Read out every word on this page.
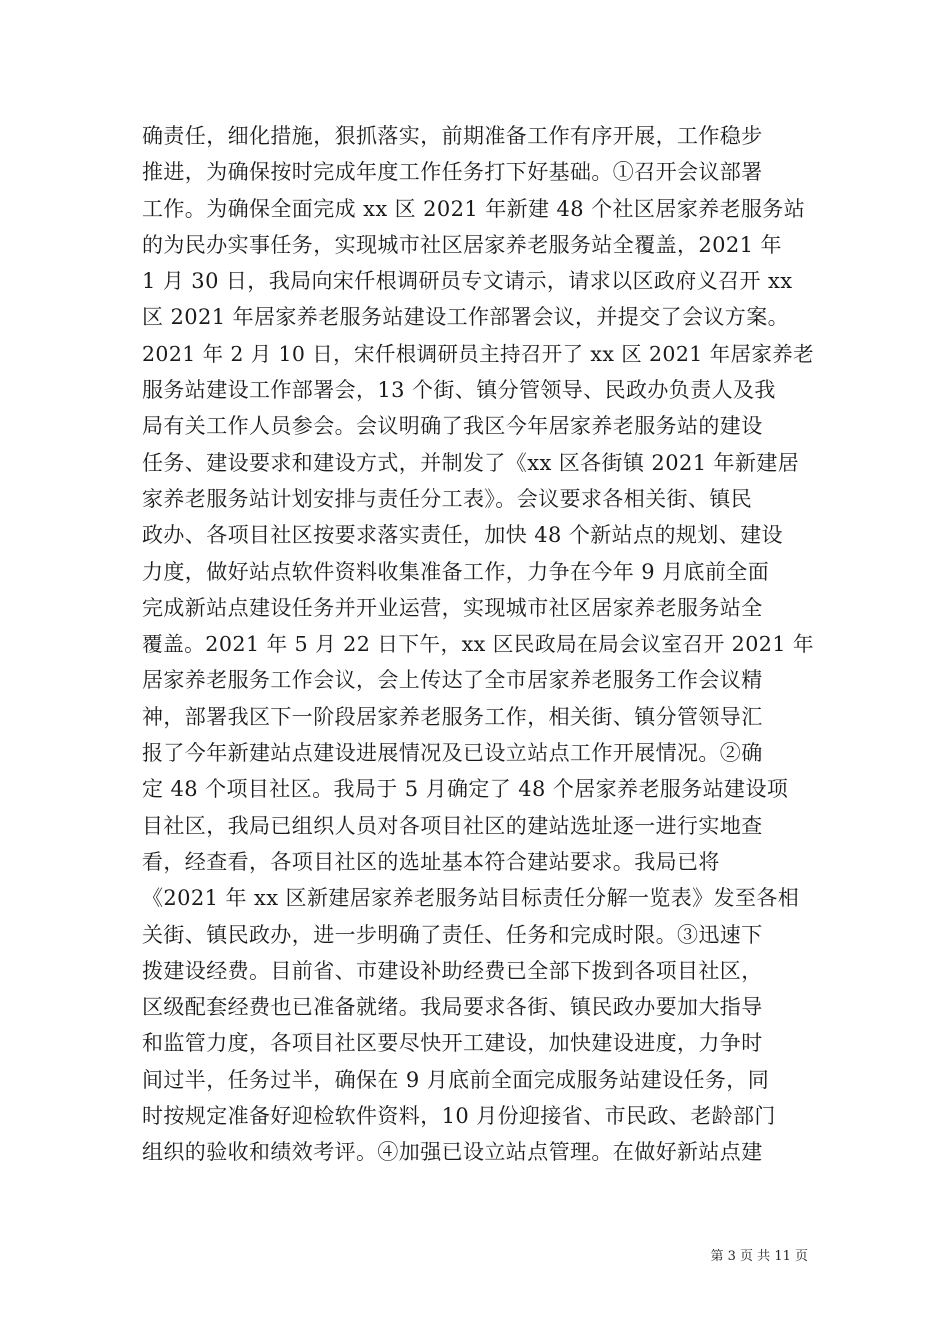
确责任，细化措施，狠抓落实，前期准备工作有序开展，工作稳步
推进，为确保按时完成年度工作任务打下好基础。①召开会议部署
工作。为确保全面完成 xx 区 2021 年新建 48 个社区居家养老服务站
的为民办实事任务，实现城市社区居家养老服务站全覆盖，2021 年
1 月 30 日，我局向宋仟根调研员专文请示，请求以区政府义召开 xx
区 2021 年居家养老服务站建设工作部署会议，并提交了会议方案。
2021 年 2 月 10 日，宋仟根调研员主持召开了 xx 区 2021 年居家养老
服务站建设工作部署会，13 个街、镇分管领导、民政办负责人及我
局有关工作人员参会。会议明确了我区今年居家养老服务站的建设
任务、建设要求和建设方式，并制发了《xx 区各街镇 2021 年新建居
家养老服务站计划安排与责任分工表》。会议要求各相关街、镇民
政办、各项目社区按要求落实责任，加快 48 个新站点的规划、建设
力度，做好站点软件资料收集准备工作，力争在今年 9 月底前全面
完成新站点建设任务并开业运营，实现城市社区居家养老服务站全
覆盖。2021 年 5 月 22 日下午，xx 区民政局在局会议室召开 2021 年
居家养老服务工作会议，会上传达了全市居家养老服务工作会议精
神，部署我区下一阶段居家养老服务工作，相关街、镇分管领导汇
报了今年新建站点建设进展情况及已设立站点工作开展情况。②确
定 48 个项目社区。我局于 5 月确定了 48 个居家养老服务站建设项
目社区，我局已组织人员对各项目社区的建站选址逐一进行实地查
看，经查看，各项目社区的选址基本符合建站要求。我局已将
《2021 年 xx 区新建居家养老服务站目标责任分解一览表》发至各相
关街、镇民政办，进一步明确了责任、任务和完成时限。③迅速下
拨建设经费。目前省、市建设补助经费已全部下拨到各项目社区，
区级配套经费也已准备就绪。我局要求各街、镇民政办要加大指导
和监管力度，各项目社区要尽快开工建设，加快建设进度，力争时
间过半，任务过半，确保在 9 月底前全面完成服务站建设任务，同
时按规定准备好迎检软件资料，10 月份迎接省、市民政、老龄部门
组织的验收和绩效考评。④加强已设立站点管理。在做好新站点建
第 3 页 共 11 页
